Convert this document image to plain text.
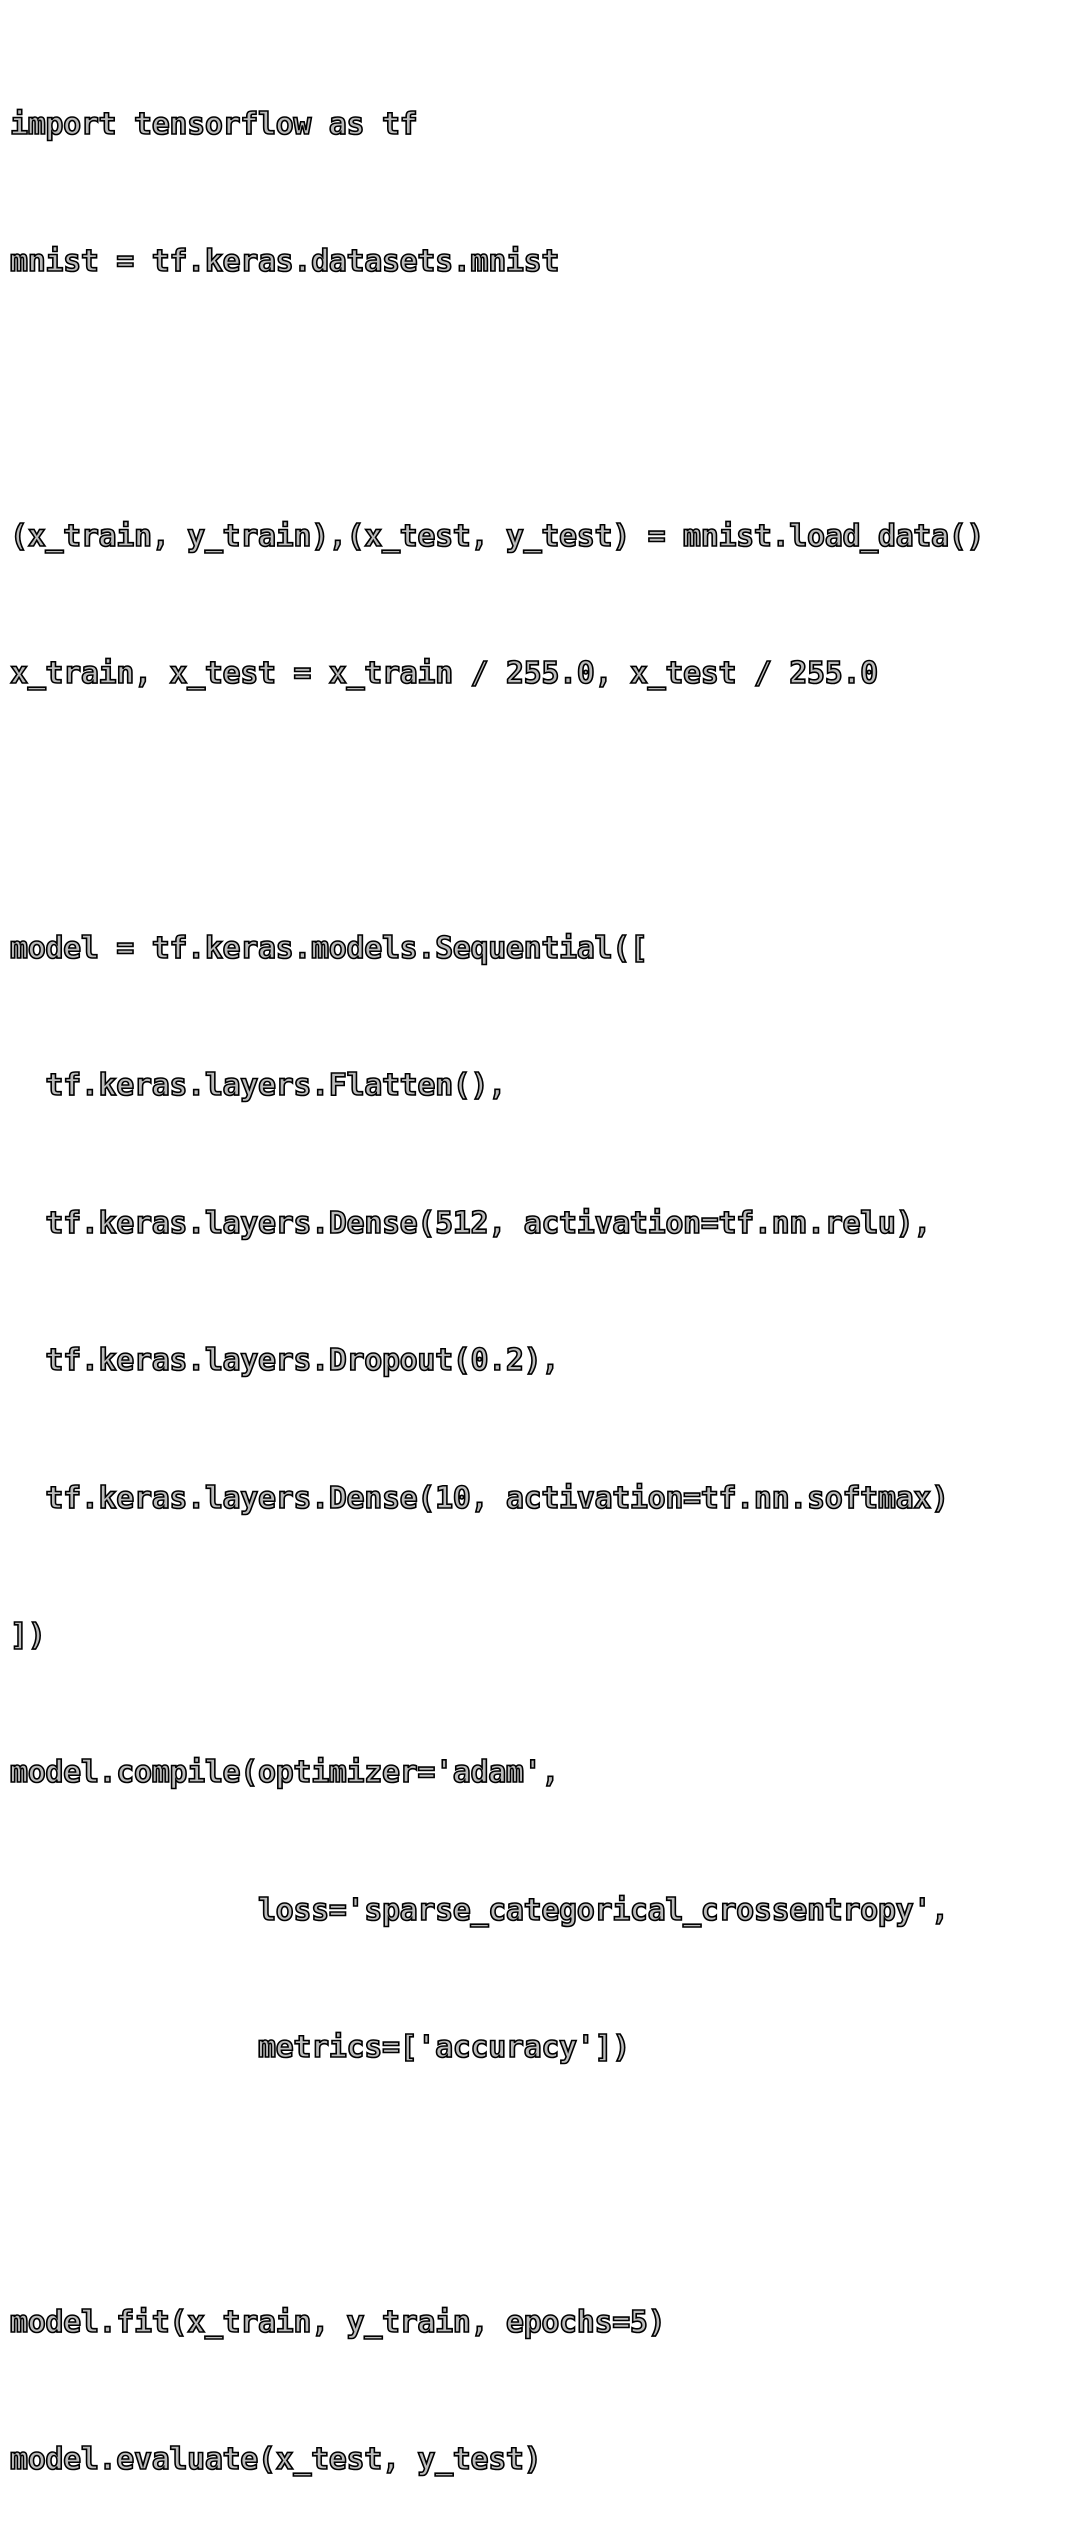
import tensorflow as tf

mnist = tf.keras.datasets.mnist

(x_train, y_train),(x_test, y_test) = mnist.load_data()

x_train, x_test = x_train / 255.0, x_test / 255.0

model = tf.keras.models.Sequential([

tf.keras.layers.Flatten(),

tf.keras.layers.Dense(512, activation=tf.nn.relu),

tf.keras.layers.Dropout(0.2),

tf.keras.layers.Dense(10, activation=tf.nn.softmax)

])

model.compile(optimizer='adam',

loss='sparse_categorical_crossentropy',

metrics=['accuracy'])

model.fit(x_train, y_train, epochs=5)

model.evaluate(x_test, y_test)
